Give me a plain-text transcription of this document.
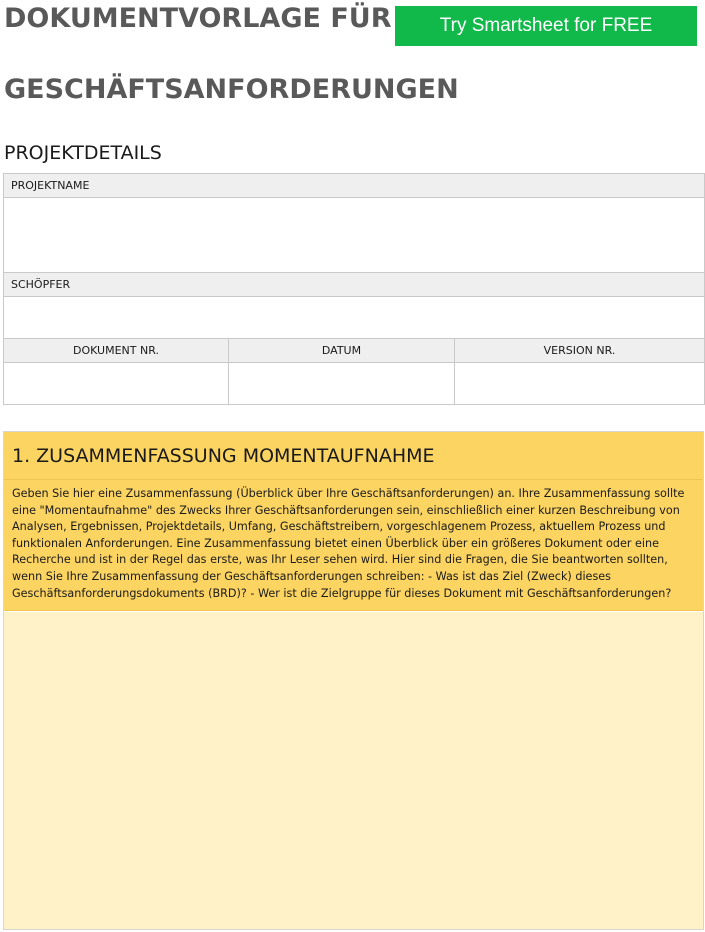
DOKUMENTVORLAGE FÜR
GESCHÄFTSANFORDERUNGEN
Try Smartsheet for FREE
PROJEKTDETAILS
PROJEKTNAME		

SCHÖPFER		

DOKUMENT NR.	DATUM	VERSION NR.

1. ZUSAMMENFASSUNG MOMENTAUFNAHME

Geben Sie hier eine Zusammenfassung (Überblick über Ihre Geschäftsanforderungen) an. Ihre Zusammenfassung sollte eine "Momentaufnahme" des Zwecks Ihrer Geschäftsanforderungen sein, einschließlich einer kurzen Beschreibung von Analysen, Ergebnissen, Projektdetails, Umfang, Geschäftstreibern, vorgeschlagenem Prozess, aktuellem Prozess und funktionalen Anforderungen. Eine Zusammenfassung bietet einen Überblick über ein größeres Dokument oder eine Recherche und ist in der Regel das erste, was Ihr Leser sehen wird. Hier sind die Fragen, die Sie beantworten sollten, wenn Sie Ihre Zusammenfassung der Geschäftsanforderungen schreiben: - Was ist das Ziel (Zweck) dieses Geschäftsanforderungsdokuments (BRD)? - Wer ist die Zielgruppe für dieses Dokument mit Geschäftsanforderungen?
